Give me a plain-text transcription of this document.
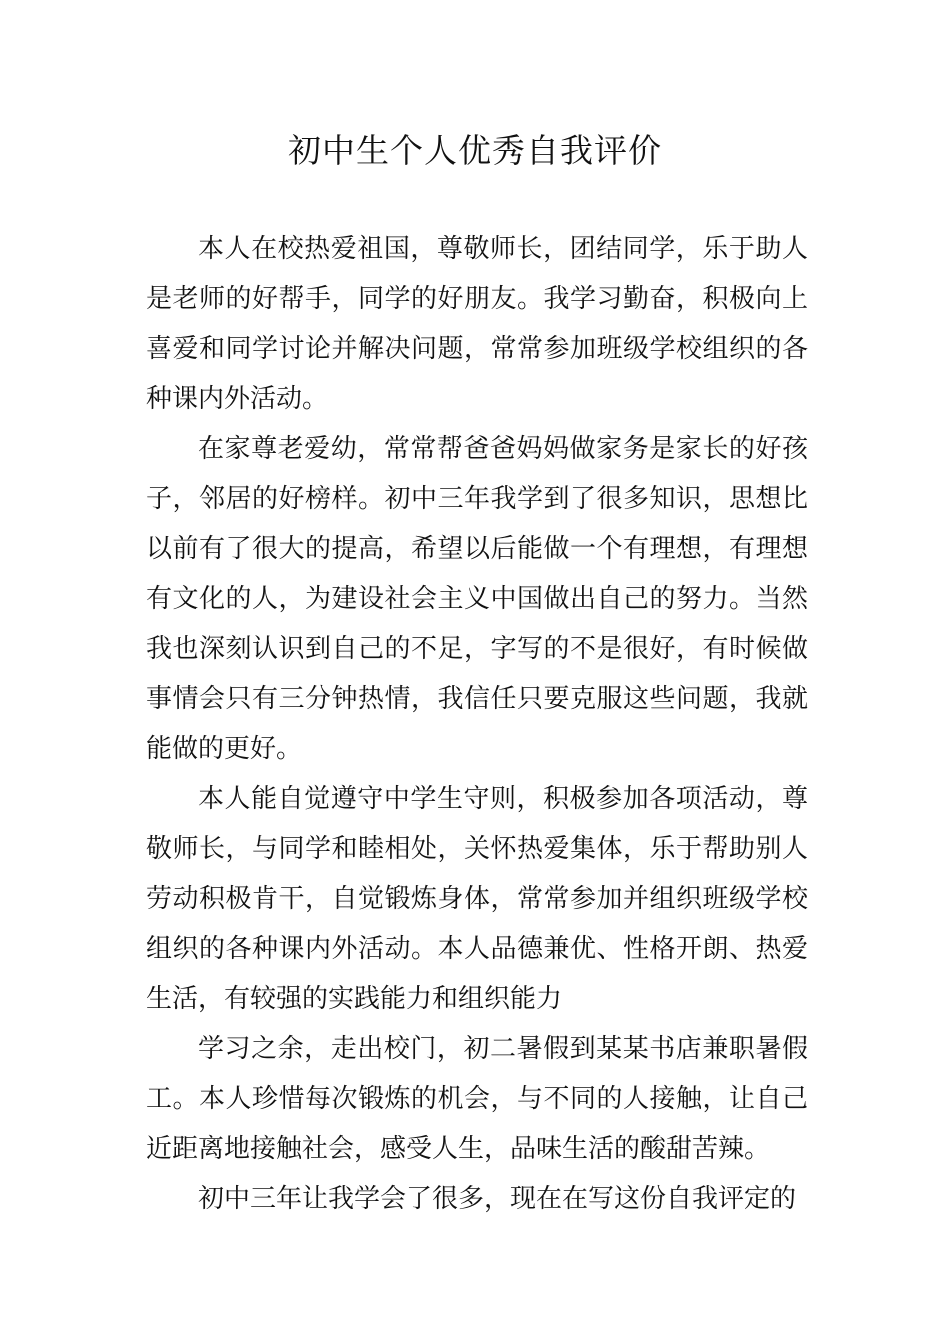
初中生个人优秀自我评价

本人在校热爱祖国，尊敬师长，团结同学，乐于助人是老师的好帮手，同学的好朋友。我学习勤奋，积极向上喜爱和同学讨论并解决问题，常常参加班级学校组织的各种课内外活动。

在家尊老爱幼，常常帮爸爸妈妈做家务是家长的好孩子，邻居的好榜样。初中三年我学到了很多知识，思想比以前有了很大的提高，希望以后能做一个有理想，有理想有文化的人，为建设社会主义中国做出自己的努力。当然我也深刻认识到自己的不足，字写的不是很好，有时候做事情会只有三分钟热情，我信任只要克服这些问题，我就能做的更好。

本人能自觉遵守中学生守则，积极参加各项活动，尊敬师长，与同学和睦相处，关怀热爱集体，乐于帮助别人劳动积极肯干，自觉锻炼身体，常常参加并组织班级学校组织的各种课内外活动。本人品德兼优、性格开朗、热爱生活，有较强的实践能力和组织能力

学习之余，走出校门，初二暑假到某某书店兼职暑假工。本人珍惜每次锻炼的机会，与不同的人接触，让自己近距离地接触社会，感受人生，品味生活的酸甜苦辣。

初中三年让我学会了很多，现在在写这份自我评定的
